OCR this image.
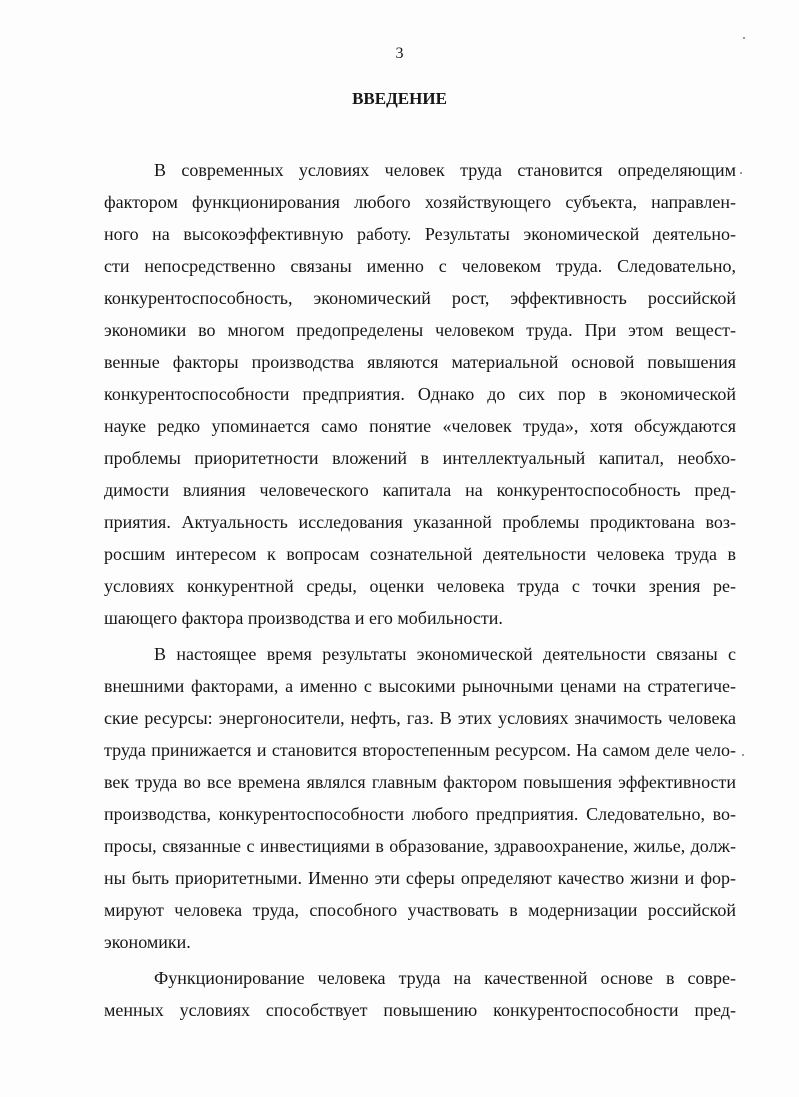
3
ВВЕДЕНИЕ
В современных условиях человек труда становится определяющим
фактором функционирования любого хозяйствующего субъекта, направлен-
ного на высокоэффективную работу. Результаты экономической деятельно-
сти непосредственно связаны именно с человеком труда. Следовательно,
конкурентоспособность, экономический рост, эффективность российской
экономики во многом предопределены человеком труда. При этом вещест-
венные факторы производства являются материальной основой повышения
конкурентоспособности предприятия. Однако до сих пор в экономической
науке редко упоминается само понятие «человек труда», хотя обсуждаются
проблемы приоритетности вложений в интеллектуальный капитал, необхо-
димости влияния человеческого капитала на конкурентоспособность пред-
приятия. Актуальность исследования указанной проблемы продиктована воз-
росшим интересом к вопросам сознательной деятельности человека труда в
условиях конкурентной среды, оценки человека труда с точки зрения ре-
шающего фактора производства и его мобильности.
В настоящее время результаты экономической деятельности связаны с
внешними факторами, а именно с высокими рыночными ценами на стратегиче-
ские ресурсы: энергоносители, нефть, газ. В этих условиях значимость человека
труда принижается и становится второстепенным ресурсом. На самом деле чело-
век труда во все времена являлся главным фактором повышения эффективности
производства, конкурентоспособности любого предприятия. Следовательно, во-
просы, связанные с инвестициями в образование, здравоохранение, жилье, долж-
ны быть приоритетными. Именно эти сферы определяют качество жизни и фор-
мируют человека труда, способного участвовать в модернизации российской
экономики.
Функционирование человека труда на качественной основе в совре-
менных условиях способствует повышению конкурентоспособности пред-
